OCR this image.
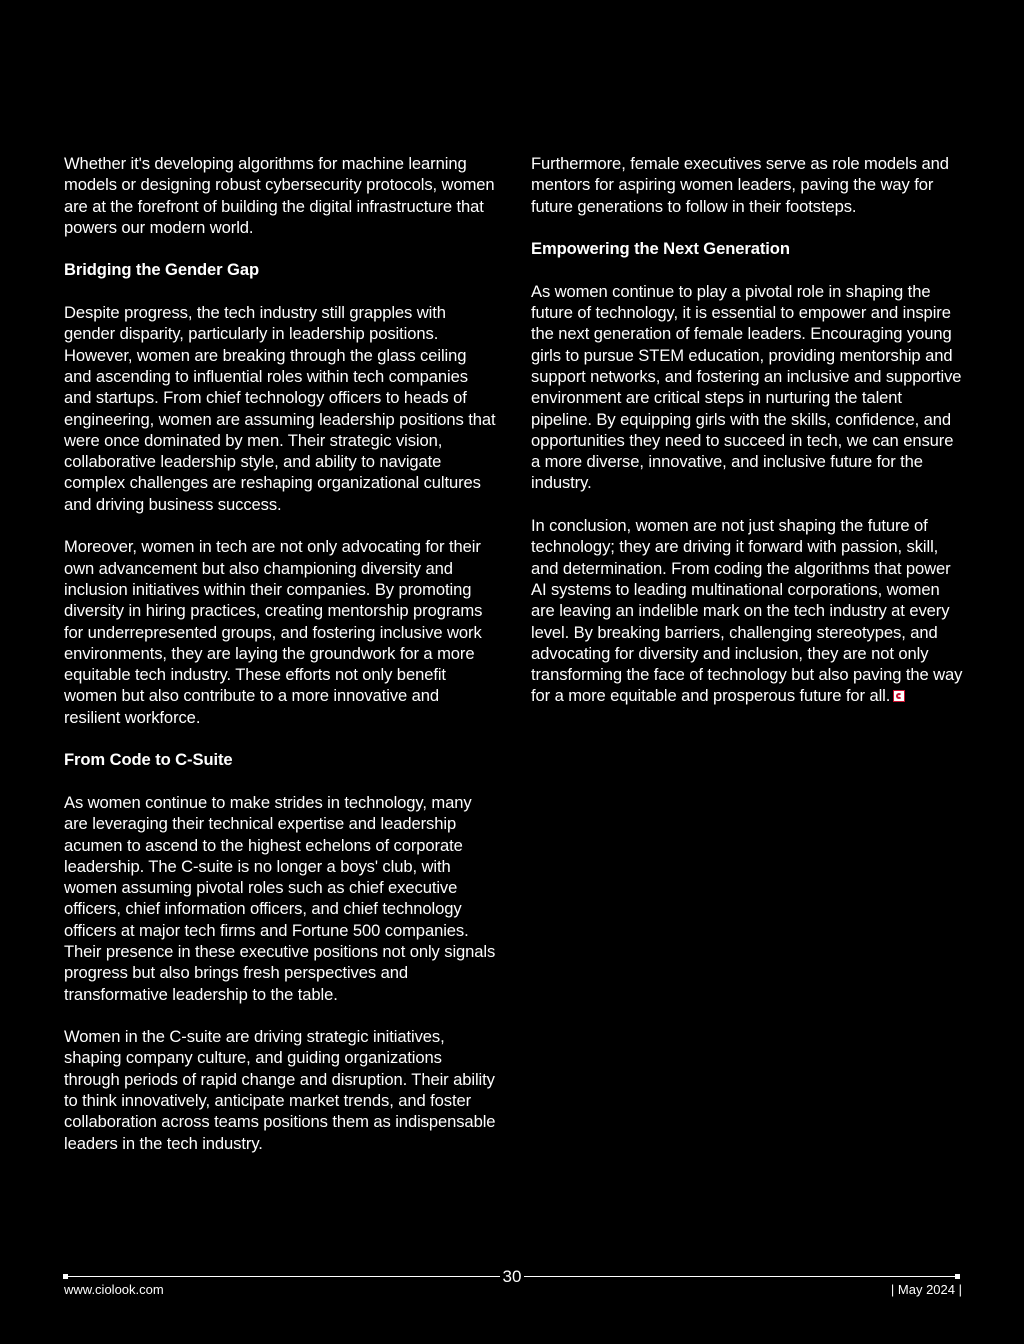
Whether it's developing algorithms for machine learning models or designing robust cybersecurity protocols, women are at the forefront of building the digital infrastructure that powers our modern world.

Bridging the Gender Gap

Despite progress, the tech industry still grapples with gender disparity, particularly in leadership positions. However, women are breaking through the glass ceiling and ascending to influential roles within tech companies and startups. From chief technology officers to heads of engineering, women are assuming leadership positions that were once dominated by men. Their strategic vision, collaborative leadership style, and ability to navigate complex challenges are reshaping organizational cultures and driving business success.

Moreover, women in tech are not only advocating for their own advancement but also championing diversity and inclusion initiatives within their companies. By promoting diversity in hiring practices, creating mentorship programs for underrepresented groups, and fostering inclusive work environments, they are laying the groundwork for a more equitable tech industry. These efforts not only benefit women but also contribute to a more innovative and resilient workforce.

From Code to C-Suite

As women continue to make strides in technology, many are leveraging their technical expertise and leadership acumen to ascend to the highest echelons of corporate leadership. The C-suite is no longer a boys' club, with women assuming pivotal roles such as chief executive officers, chief information officers, and chief technology officers at major tech firms and Fortune 500 companies. Their presence in these executive positions not only signals progress but also brings fresh perspectives and transformative leadership to the table.

Women in the C-suite are driving strategic initiatives, shaping company culture, and guiding organizations through periods of rapid change and disruption. Their ability to think innovatively, anticipate market trends, and foster collaboration across teams positions them as indispensable leaders in the tech industry.

Furthermore, female executives serve as role models and mentors for aspiring women leaders, paving the way for future generations to follow in their footsteps.

Empowering the Next Generation

As women continue to play a pivotal role in shaping the future of technology, it is essential to empower and inspire the next generation of female leaders. Encouraging young girls to pursue STEM education, providing mentorship and support networks, and fostering an inclusive and supportive environment are critical steps in nurturing the talent pipeline. By equipping girls with the skills, confidence, and opportunities they need to succeed in tech, we can ensure a more diverse, innovative, and inclusive future for the industry.

In conclusion, women are not just shaping the future of technology; they are driving it forward with passion, skill, and determination. From coding the algorithms that power AI systems to leading multinational corporations, women are leaving an indelible mark on the tech industry at every level. By breaking barriers, challenging stereotypes, and advocating for diversity and inclusion, they are not only transforming the face of technology but also paving the way for a more equitable and prosperous future for all.

30
www.ciolook.com	| May 2024 |
